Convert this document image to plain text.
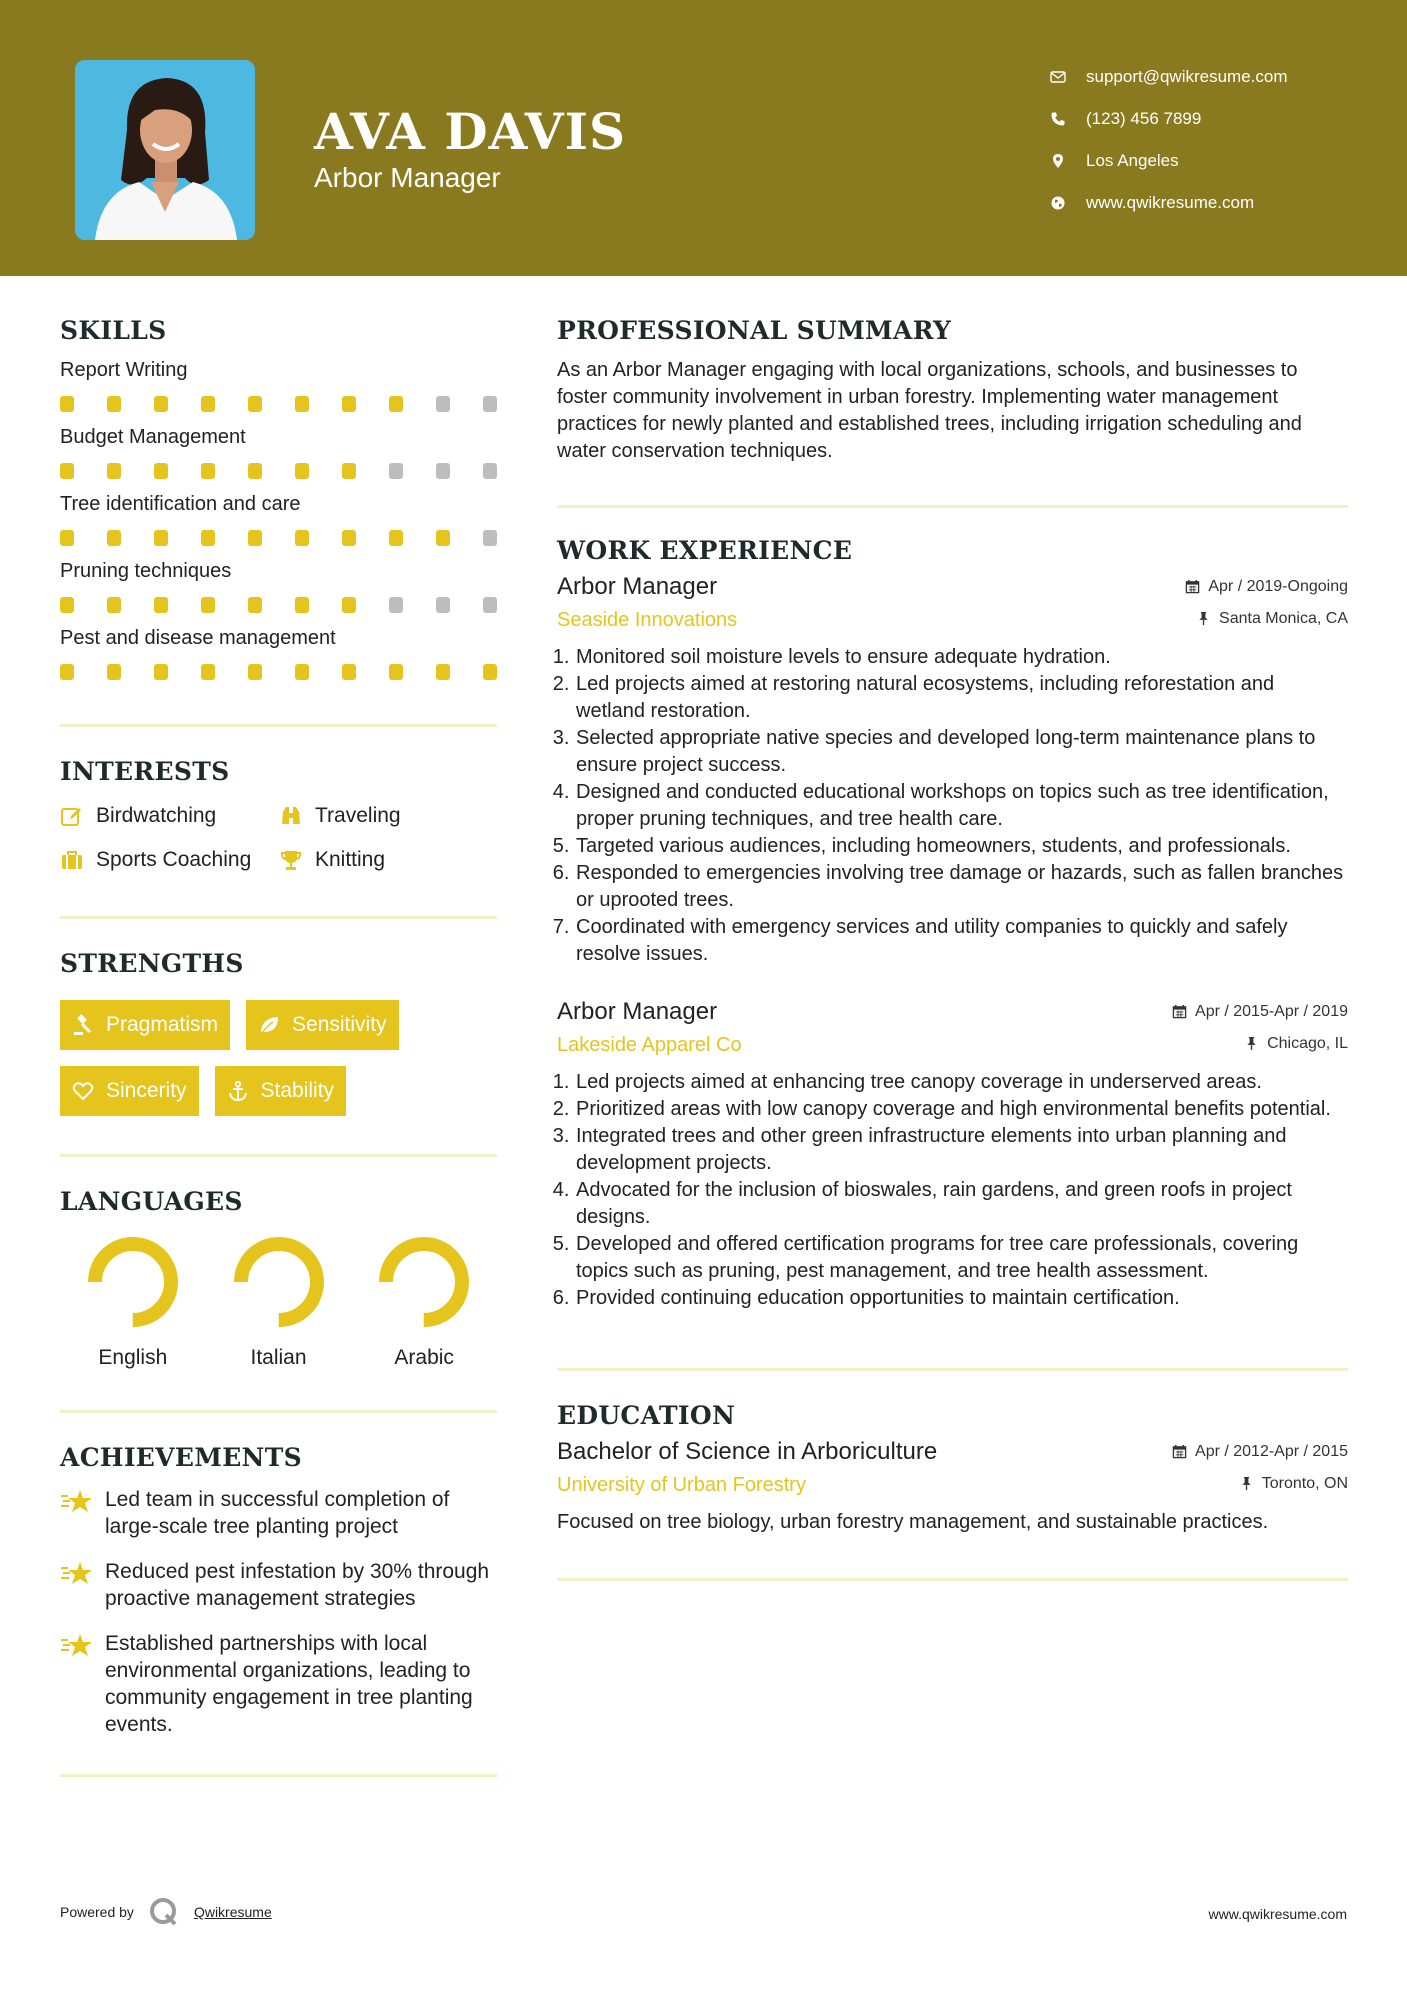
AVA DAVIS
Arbor Manager
support@qwikresume.com
(123) 456 7899
Los Angeles
www.qwikresume.com
SKILLS
Report Writing
Budget Management
Tree identification and care
Pruning techniques
Pest and disease management
INTERESTS
Birdwatching	Traveling
Sports Coaching	Knitting
STRENGTHS
Pragmatism	Sensitivity
Sincerity	Stability
LANGUAGES
English	Italian	Arabic
ACHIEVEMENTS
Led team in successful completion of large-scale tree planting project
Reduced pest infestation by 30% through proactive management strategies
Established partnerships with local environmental organizations, leading to community engagement in tree planting events.
PROFESSIONAL SUMMARY
As an Arbor Manager engaging with local organizations, schools, and businesses to foster community involvement in urban forestry. Implementing water management practices for newly planted and established trees, including irrigation scheduling and water conservation techniques.
WORK EXPERIENCE
Arbor Manager	Apr / 2019-Ongoing
Seaside Innovations	Santa Monica, CA
1. Monitored soil moisture levels to ensure adequate hydration.
2. Led projects aimed at restoring natural ecosystems, including reforestation and wetland restoration.
3. Selected appropriate native species and developed long-term maintenance plans to ensure project success.
4. Designed and conducted educational workshops on topics such as tree identification, proper pruning techniques, and tree health care.
5. Targeted various audiences, including homeowners, students, and professionals.
6. Responded to emergencies involving tree damage or hazards, such as fallen branches or uprooted trees.
7. Coordinated with emergency services and utility companies to quickly and safely resolve issues.
Arbor Manager	Apr / 2015-Apr / 2019
Lakeside Apparel Co	Chicago, IL
1. Led projects aimed at enhancing tree canopy coverage in underserved areas.
2. Prioritized areas with low canopy coverage and high environmental benefits potential.
3. Integrated trees and other green infrastructure elements into urban planning and development projects.
4. Advocated for the inclusion of bioswales, rain gardens, and green roofs in project designs.
5. Developed and offered certification programs for tree care professionals, covering topics such as pruning, pest management, and tree health assessment.
6. Provided continuing education opportunities to maintain certification.
EDUCATION
Bachelor of Science in Arboriculture	Apr / 2012-Apr / 2015
University of Urban Forestry	Toronto, ON
Focused on tree biology, urban forestry management, and sustainable practices.
Powered by	Qwikresume	www.qwikresume.com
